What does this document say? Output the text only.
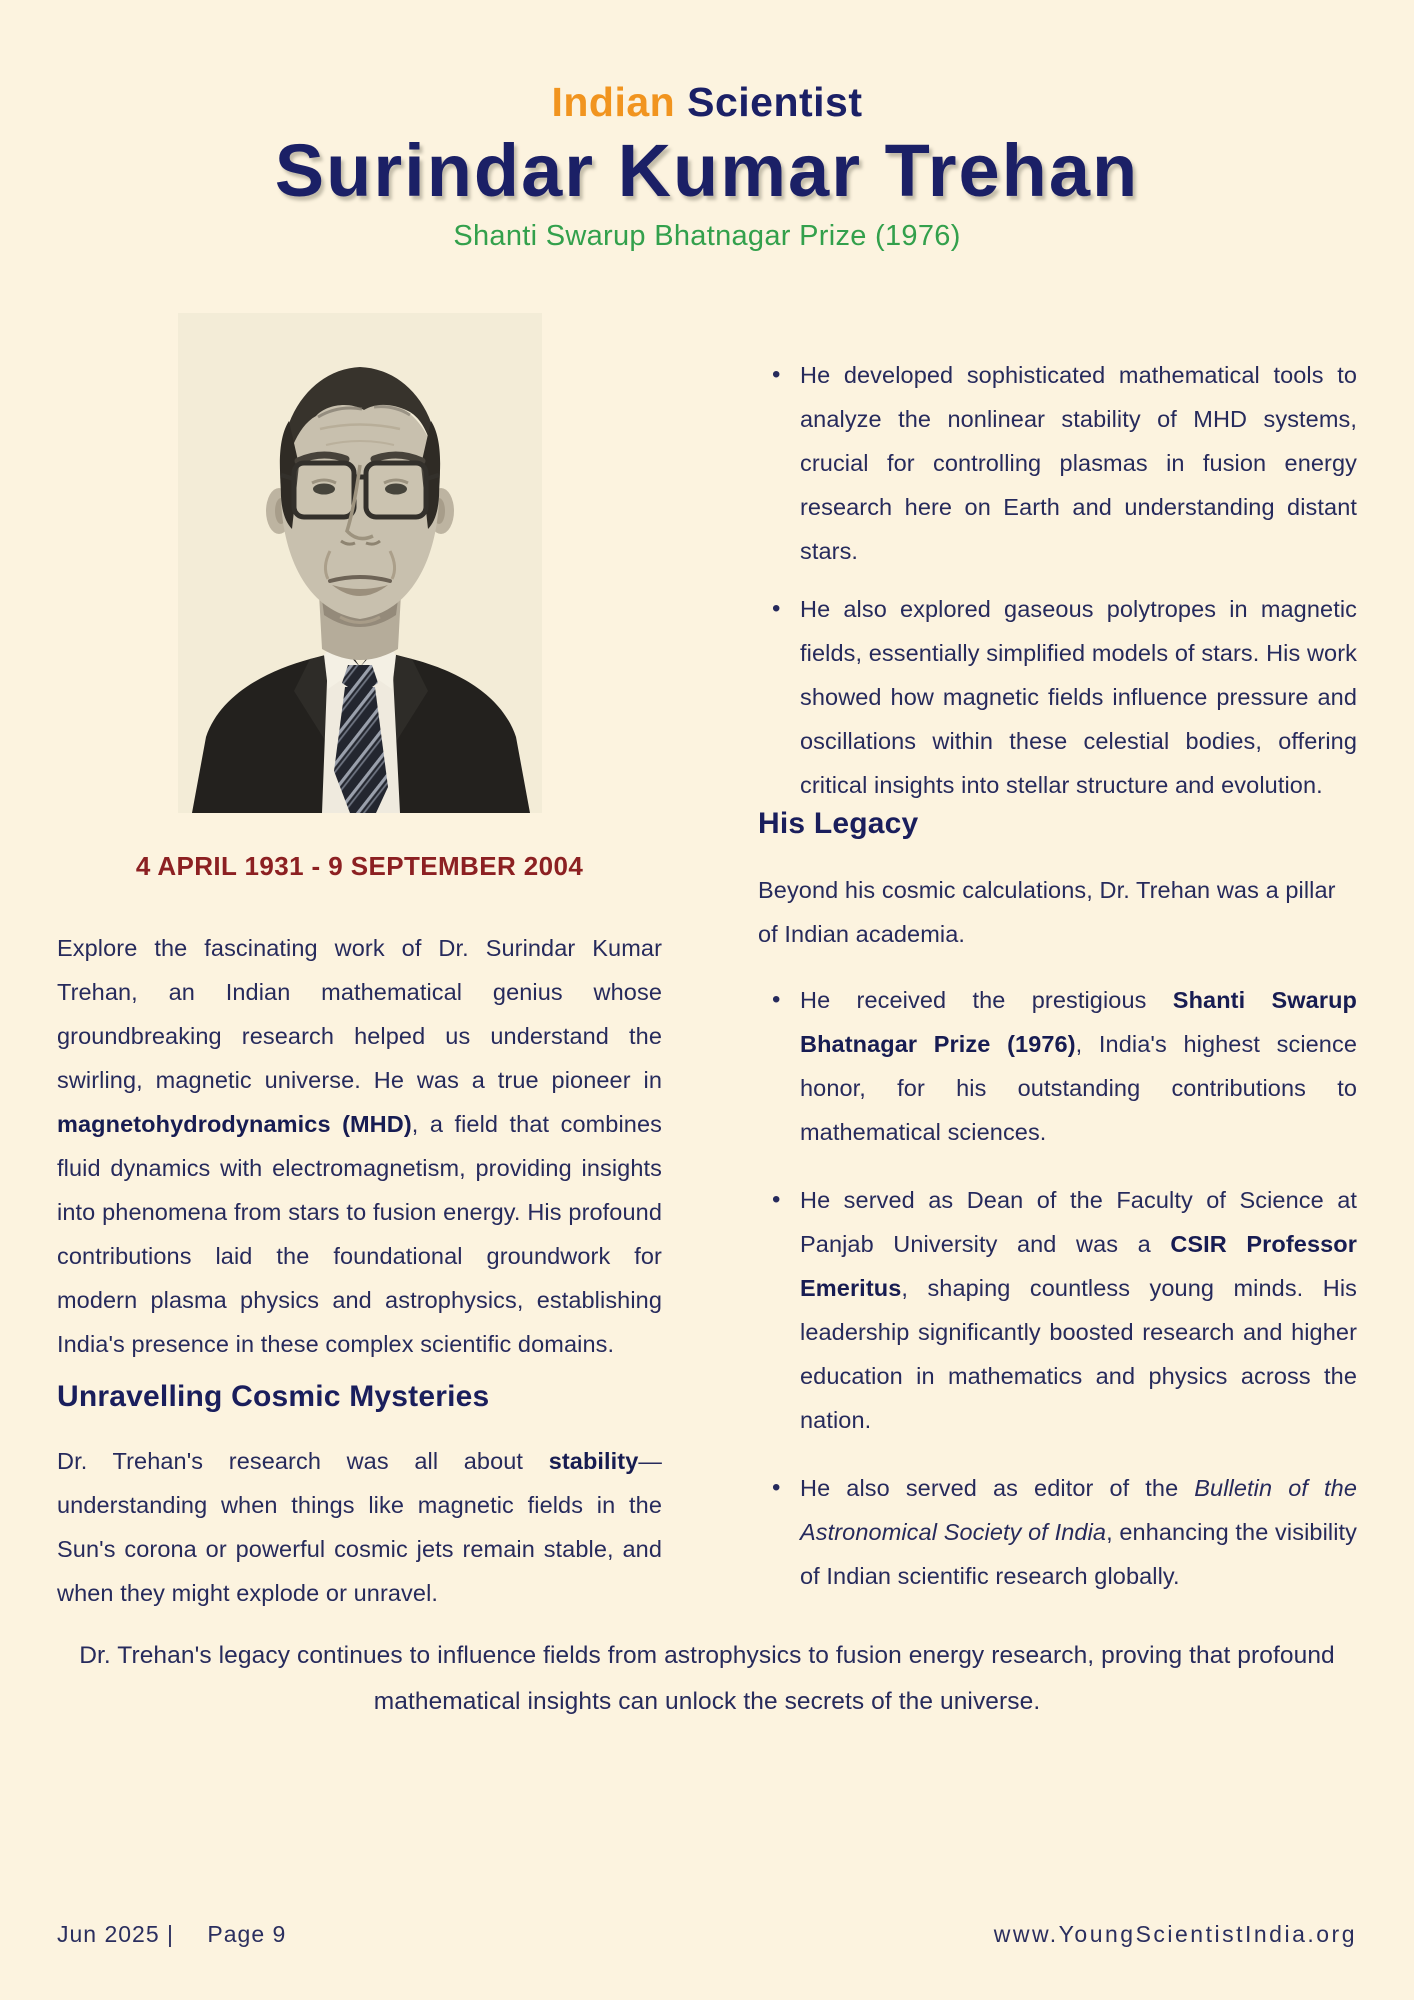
Indian Scientist
Surindar Kumar Trehan
Shanti Swarup Bhatnagar Prize (1976)
4 APRIL 1931 - 9 SEPTEMBER 2004

Explore the fascinating work of Dr. Surindar Kumar Trehan, an Indian mathematical genius whose groundbreaking research helped us understand the swirling, magnetic universe. He was a true pioneer in magnetohydrodynamics (MHD), a field that combines fluid dynamics with electromagnetism, providing insights into phenomena from stars to fusion energy. His profound contributions laid the foundational groundwork for modern plasma physics and astrophysics, establishing India's presence in these complex scientific domains.

Unravelling Cosmic Mysteries

Dr. Trehan's research was all about stability—understanding when things like magnetic fields in the Sun's corona or powerful cosmic jets remain stable, and when they might explode or unravel.

• He developed sophisticated mathematical tools to analyze the nonlinear stability of MHD systems, crucial for controlling plasmas in fusion energy research here on Earth and understanding distant stars.
• He also explored gaseous polytropes in magnetic fields, essentially simplified models of stars. His work showed how magnetic fields influence pressure and oscillations within these celestial bodies, offering critical insights into stellar structure and evolution.
His Legacy

Beyond his cosmic calculations, Dr. Trehan was a pillar of Indian academia.

• He received the prestigious Shanti Swarup Bhatnagar Prize (1976), India's highest science honor, for his outstanding contributions to mathematical sciences.
• He served as Dean of the Faculty of Science at Panjab University and was a CSIR Professor Emeritus, shaping countless young minds. His leadership significantly boosted research and higher education in mathematics and physics across the nation.
• He also served as editor of the Bulletin of the Astronomical Society of India, enhancing the visibility of Indian scientific research globally.

Dr. Trehan's legacy continues to influence fields from astrophysics to fusion energy research, proving that profound mathematical insights can unlock the secrets of the universe.

Jun 2025 | Page 9	www.YoungScientistIndia.org
